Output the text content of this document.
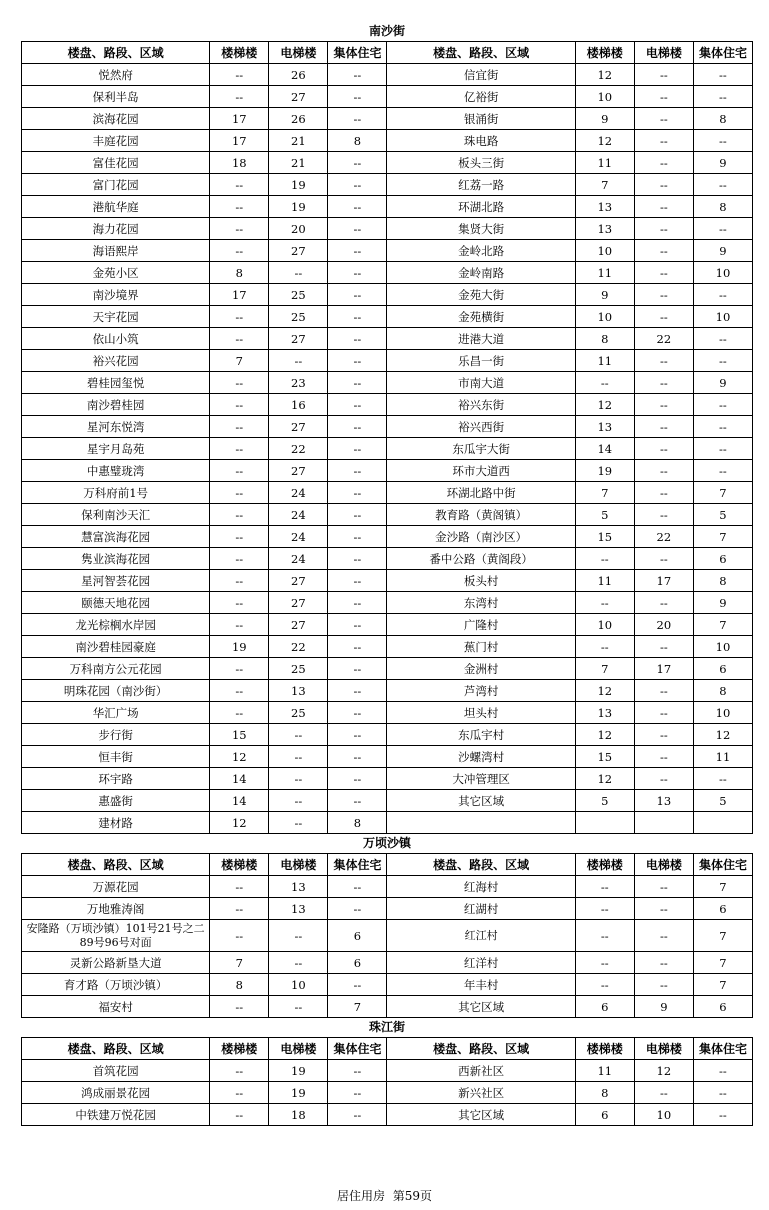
南沙街
楼盘、路段、区域	楼梯楼	电梯楼	集体住宅	楼盘、路段、区域	楼梯楼	电梯楼	集体住宅
悦然府	--	26	--	信宜街	12	--	--
保利半岛	--	27	--	亿裕街	10	--	--
滨海花园	17	26	--	银涌街	9	--	8
丰庭花园	17	21	8	珠电路	12	--	--
富佳花园	18	21	--	板头三街	11	--	9
富门花园	--	19	--	红荔一路	7	--	--
港航华庭	--	19	--	环湖北路	13	--	8
海力花园	--	20	--	集贤大街	13	--	--
海语熙岸	--	27	--	金岭北路	10	--	9
金苑小区	8	--	--	金岭南路	11	--	10
南沙境界	17	25	--	金苑大街	9	--	--
天宇花园	--	25	--	金苑横街	10	--	10
依山小筑	--	27	--	进港大道	8	22	--
裕兴花园	7	--	--	乐昌一街	11	--	--
碧桂园玺悦	--	23	--	市南大道	--	--	9
南沙碧桂园	--	16	--	裕兴东街	12	--	--
星河东悦湾	--	27	--	裕兴西街	13	--	--
星宇月岛苑	--	22	--	东瓜宇大街	14	--	--
中惠璧珑湾	--	27	--	环市大道西	19	--	--
万科府前1号	--	24	--	环湖北路中街	7	--	7
保利南沙天汇	--	24	--	教育路（黄阁镇）	5	--	5
慧富滨海花园	--	24	--	金沙路（南沙区）	15	22	7
隽业滨海花园	--	24	--	番中公路（黄阁段）	--	--	6
星河智荟花园	--	27	--	板头村	11	17	8
颐德天地花园	--	27	--	东湾村	--	--	9
龙光棕榈水岸园	--	27	--	广隆村	10	20	7
南沙碧桂园豪庭	19	22	--	蕉门村	--	--	10
万科南方公元花园	--	25	--	金洲村	7	17	6
明珠花园（南沙街）	--	13	--	芦湾村	12	--	8
华汇广场	--	25	--	坦头村	13	--	10
步行街	15	--	--	东瓜宇村	12	--	12
恒丰街	12	--	--	沙螺湾村	15	--	11
环宇路	14	--	--	大冲管理区	12	--	--
惠盛街	14	--	--	其它区域	5	13	5
建材路	12	--	8				
万顷沙镇
楼盘、路段、区域	楼梯楼	电梯楼	集体住宅	楼盘、路段、区域	楼梯楼	电梯楼	集体住宅
万源花园	--	13	--	红海村	--	--	7
万地雅涛阁	--	13	--	红湖村	--	--	6
安隆路（万顷沙镇）101号21号之二89号96号对面	--	--	6	红江村	--	--	7
灵新公路新垦大道	7	--	6	红洋村	--	--	7
育才路（万顷沙镇）	8	10	--	年丰村	--	--	7
福安村	--	--	7	其它区域	6	9	6
珠江街
楼盘、路段、区域	楼梯楼	电梯楼	集体住宅	楼盘、路段、区域	楼梯楼	电梯楼	集体住宅
首筑花园	--	19	--	西新社区	11	12	--
鸿成丽景花园	--	19	--	新兴社区	8	--	--
中铁建万悦花园	--	18	--	其它区域	6	10	--
居住用房 第59页
